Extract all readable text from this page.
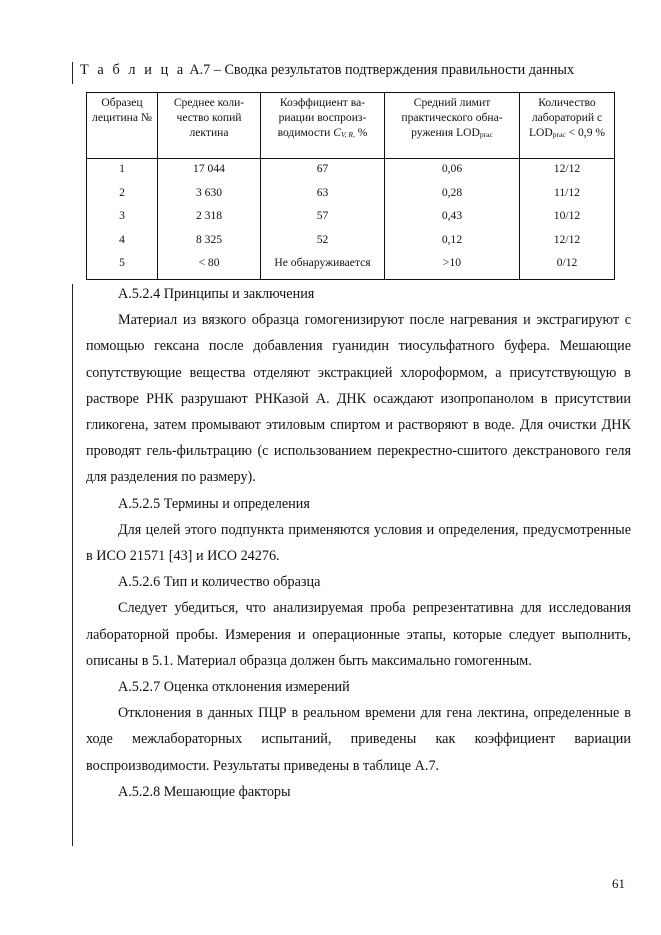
Т а б л и ц а А.7 – Сводка результатов подтверждения правильности данных
Образец лецитина №	Среднее коли-чество копий лектина	Коэффициент ва-риации воспроиз-водимости $C_{V, R,}$ %	Средний лимит практического обна-ружения $LOD_{prac}$	Количество лабораторий с $LOD_{prac} < 0,9$ %
1	17 044	67	0,06	12/12
2	3 630	63	0,28	11/12
3	2 318	57	0,43	10/12
4	8 325	52	0,12	12/12
5	< 80	Не обнаруживается	>10	0/12

А.5.2.4 Принципы и заключения

Материал из вязкого образца гомогенизируют после нагревания и экстрагируют с помощью гексана после добавления гуанидин тиосульфатного буфера. Мешающие сопутствующие вещества отделяют экстракцией хлороформом, а присутствующую в растворе РНК разрушают РНКазой А. ДНК осаждают изопропанолом в присутствии гликогена, затем промывают этиловым спиртом и растворяют в воде. Для очистки ДНК проводят гель-фильтрацию (с использованием перекрестно-сшитого декстранового геля для разделения по размеру).

А.5.2.5 Термины и определения

Для целей этого подпункта применяются условия и определения, предусмотренные в ИСО 21571 [43] и ИСО 24276.

А.5.2.6 Тип и количество образца

Следует убедиться, что анализируемая проба репрезентативна для исследования лабораторной пробы. Измерения и операционные этапы, которые следует выполнить, описаны в 5.1. Материал образца должен быть максимально гомогенным.

А.5.2.7 Оценка отклонения измерений

Отклонения в данных ПЦР в реальном времени для гена лектина, определенные в ходе межлабораторных испытаний, приведены как коэффициент вариации воспроизводимости. Результаты приведены в таблице А.7.

А.5.2.8 Мешающие факторы

61
